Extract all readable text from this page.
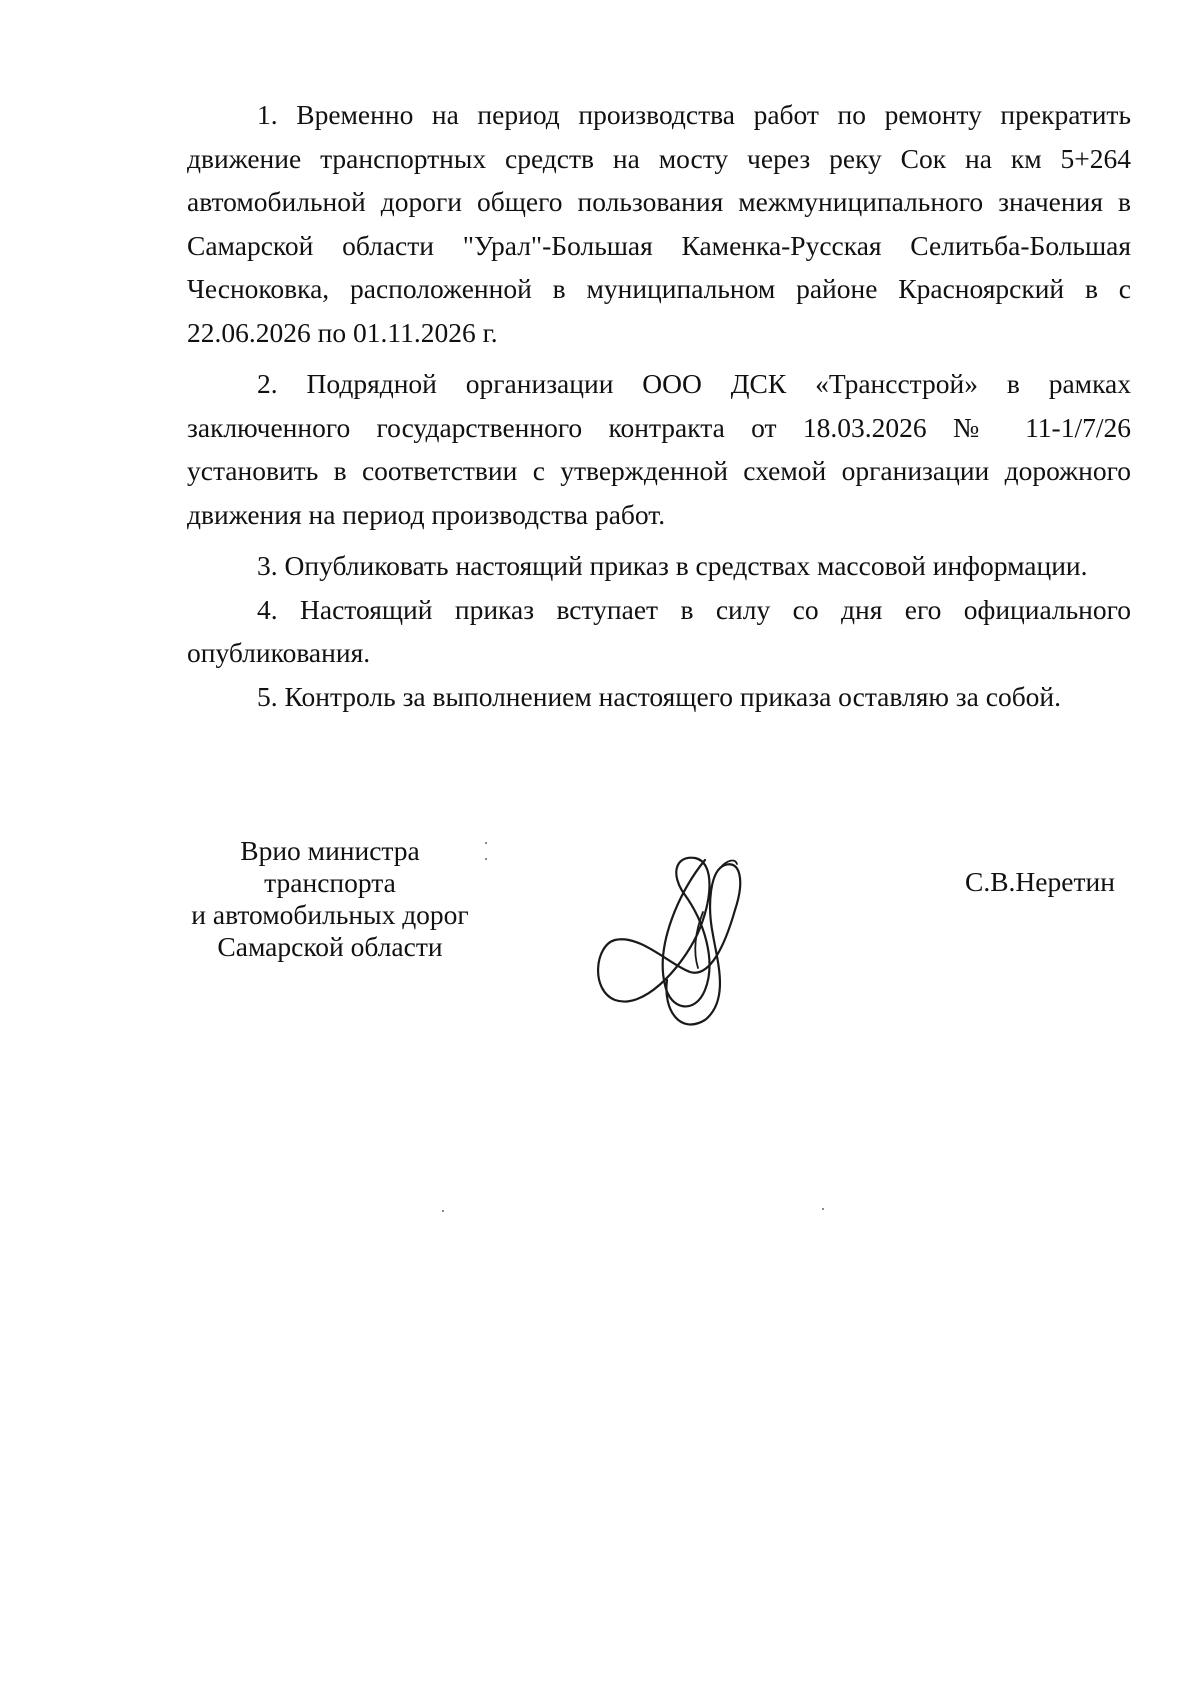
1. Временно на период производства работ по ремонту прекратить движение транспортных средств на мосту через реку Сок на км 5+264 автомобильной дороги общего пользования межмуниципального значения в Самарской области "Урал"-Большая Каменка-Русская Селитьба-Большая Чесноковка, расположенной в муниципальном районе Красноярский в с 22.06.2026 по 01.11.2026 г.

2. Подрядной организации ООО ДСК «Трансстрой» в рамках заключенного государственного контракта от 18.03.2026 № 11-1/7/26 установить в соответствии с утвержденной схемой организации дорожного движения на период производства работ.

3. Опубликовать настоящий приказ в средствах массовой информации.

4. Настоящий приказ вступает в силу со дня его официального опубликования.

5. Контроль за выполнением настоящего приказа оставляю за собой.

Врио министра
транспорта
и автомобильных дорог
Самарской области
С.В.Неретин
